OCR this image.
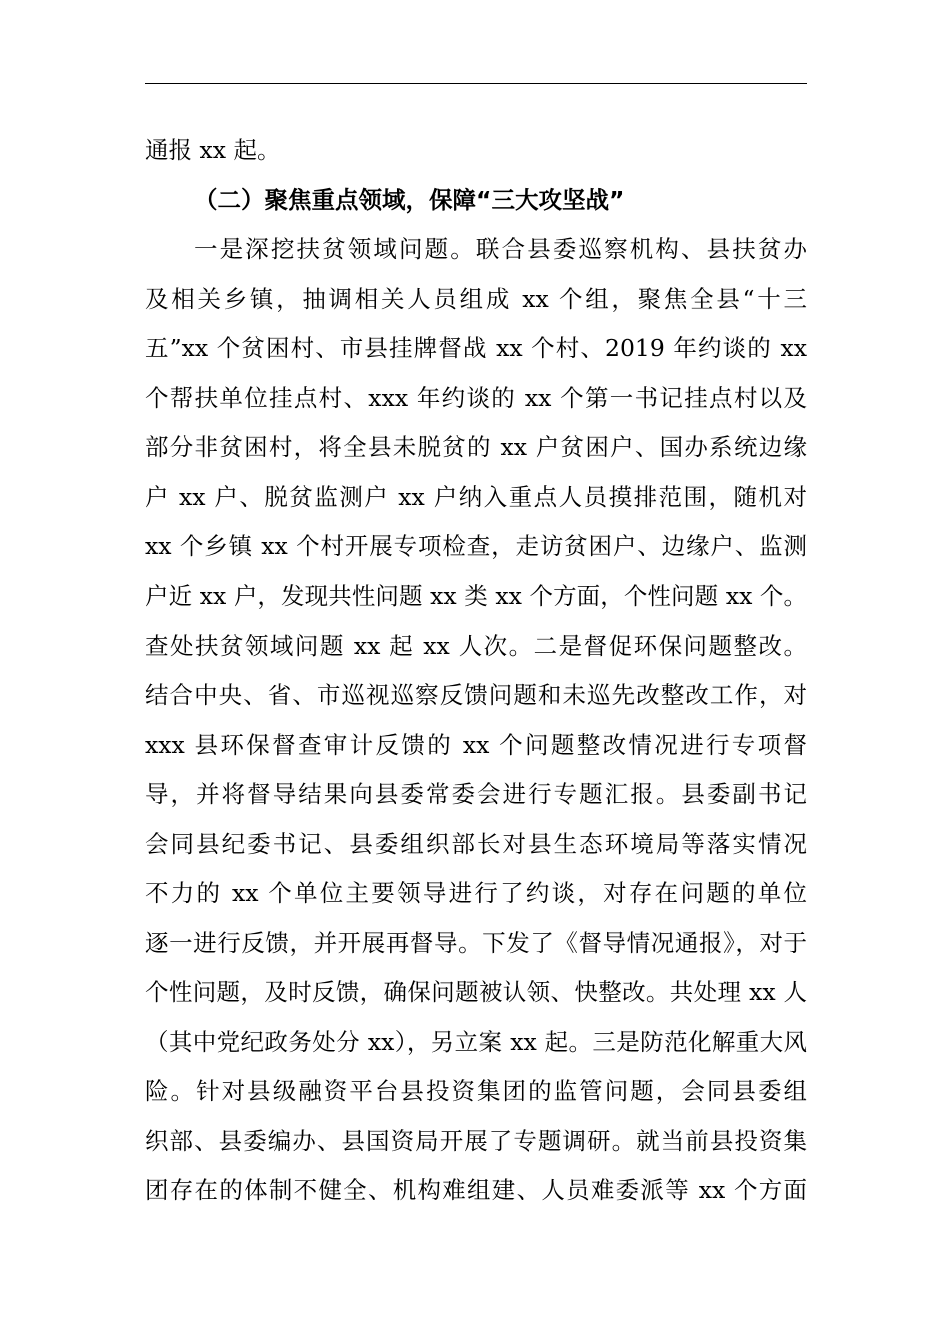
通报 xx 起。
（二）聚焦重点领域，保障“三大攻坚战”
一是深挖扶贫领域问题。联合县委巡察机构、县扶贫办
及相关乡镇，抽调相关人员组成 xx 个组，聚焦全县“十三
五”xx 个贫困村、市县挂牌督战 xx 个村、2019 年约谈的 xx
个帮扶单位挂点村、xxx 年约谈的 xx 个第一书记挂点村以及
部分非贫困村，将全县未脱贫的 xx 户贫困户、国办系统边缘
户 xx 户、脱贫监测户 xx 户纳入重点人员摸排范围，随机对
xx 个乡镇 xx 个村开展专项检查，走访贫困户、边缘户、监测
户近 xx 户，发现共性问题 xx 类 xx 个方面，个性问题 xx 个。
查处扶贫领域问题 xx 起 xx 人次。二是督促环保问题整改。
结合中央、省、市巡视巡察反馈问题和未巡先改整改工作，对
xxx 县环保督查审计反馈的 xx 个问题整改情况进行专项督
导，并将督导结果向县委常委会进行专题汇报。县委副书记
会同县纪委书记、县委组织部长对县生态环境局等落实情况
不力的 xx 个单位主要领导进行了约谈，对存在问题的单位
逐一进行反馈，并开展再督导。下发了《督导情况通报》，对于
个性问题，及时反馈，确保问题被认领、快整改。共处理 xx 人
（其中党纪政务处分 xx），另立案 xx 起。三是防范化解重大风
险。针对县级融资平台县投资集团的监管问题，会同县委组
织部、县委编办、县国资局开展了专题调研。就当前县投资集
团存在的体制不健全、机构难组建、人员难委派等 xx 个方面
